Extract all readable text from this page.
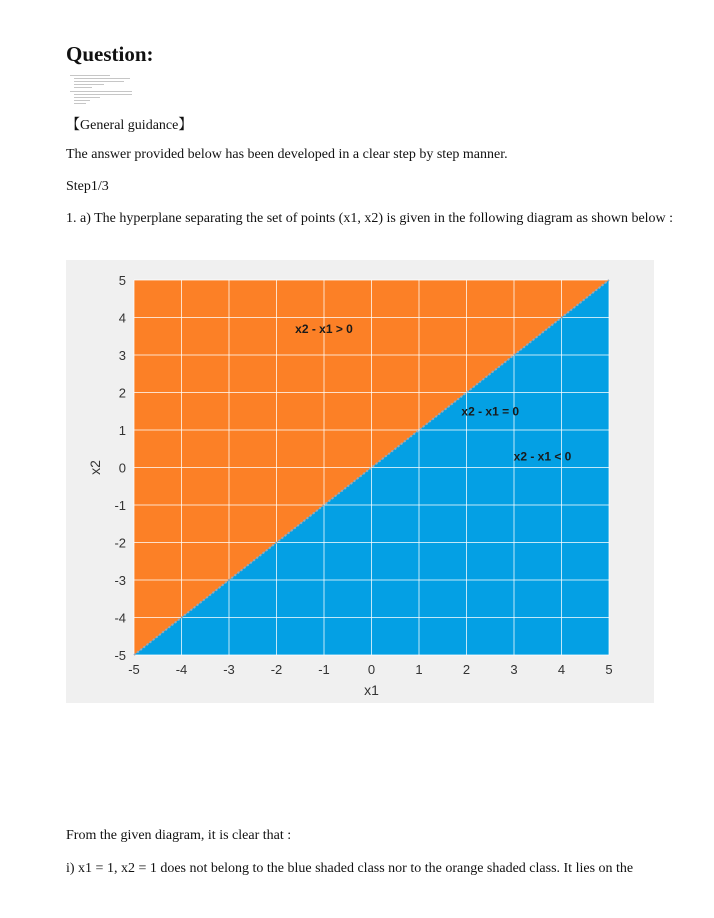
Question:

【General guidance】

The answer provided below has been developed in a clear step by step manner.

Step1/3

1. a) The hyperplane separating the set of points (x1, x2) is given in the following diagram as shown below :

From the given diagram, it is clear that :

i) x1 = 1, x2 = 1 does not belong to the blue shaded class nor to the orange shaded class. It lies on the

-5	-4	-3	-2	-1	0	1	2	3	4	5
-5
-4
-3
-2
-1
0
1
2
3
4
5
x1
x2
x2 - x1 > 0
x2 - x1 < 0
x2 - x1 = 0
